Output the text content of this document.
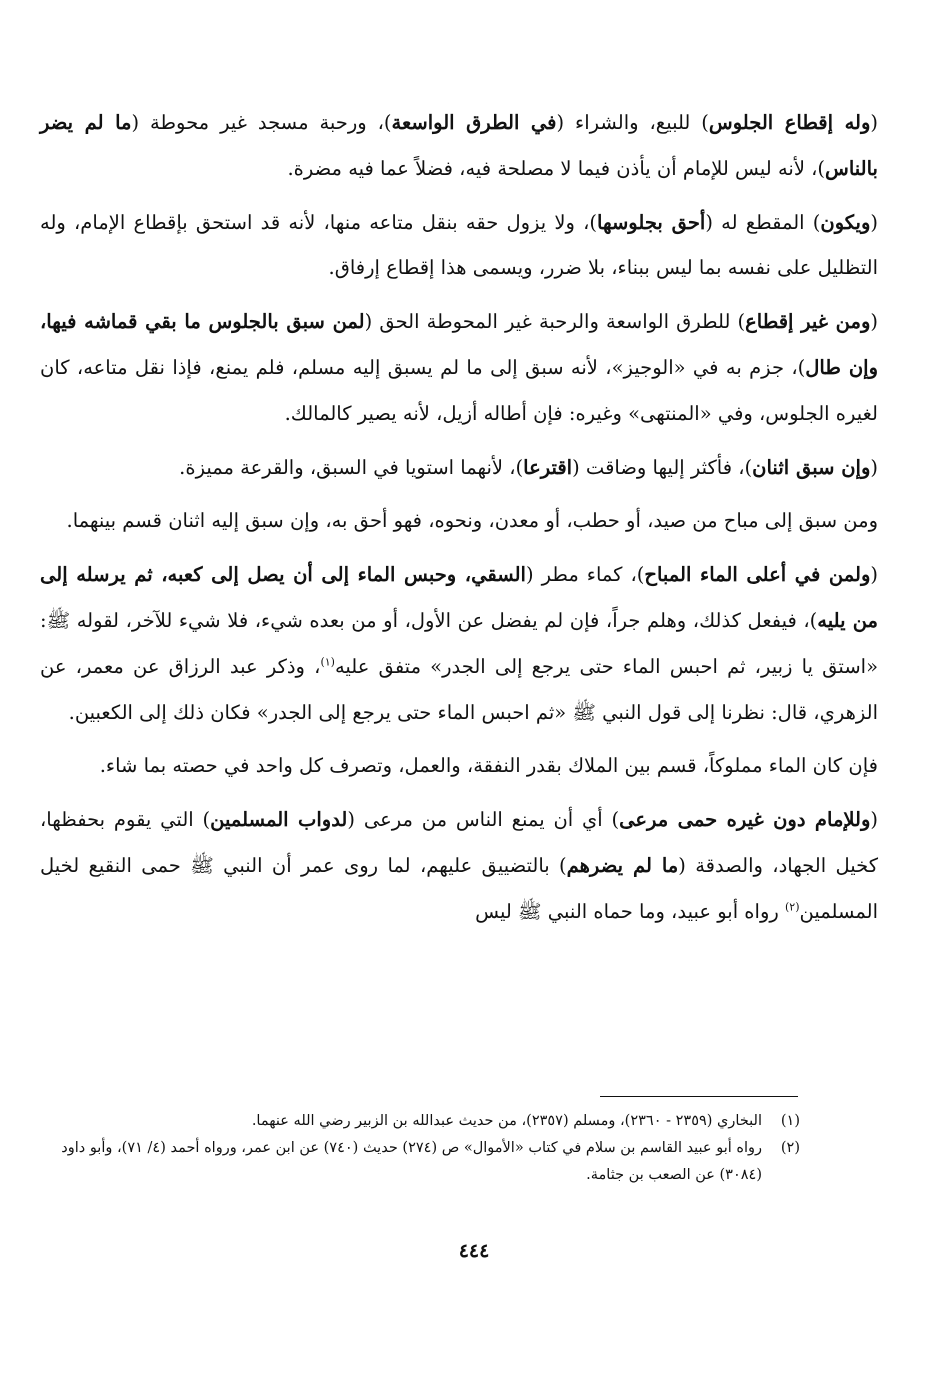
(وله إقطاع الجلوس) للبيع، والشراء (في الطرق الواسعة)، ورحبة مسجد غير محوطة (ما لم يضر بالناس)، لأنه ليس للإمام أن يأذن فيما لا مصلحة فيه، فضلاً عما فيه مضرة.

(ويكون) المقطع له (أحق بجلوسها)، ولا يزول حقه بنقل متاعه منها، لأنه قد استحق بإقطاع الإمام، وله التظليل على نفسه بما ليس ببناء، بلا ضرر، ويسمى هذا إقطاع إرفاق.

(ومن غير إقطاع) للطرق الواسعة والرحبة غير المحوطة الحق (لمن سبق بالجلوس ما بقي قماشه فيها، وإن طال)، جزم به في «الوجيز»، لأنه سبق إلى ما لم يسبق إليه مسلم، فلم يمنع، فإذا نقل متاعه، كان لغيره الجلوس، وفي «المنتهى» وغيره: فإن أطاله أزيل، لأنه يصير كالمالك.

(وإن سبق اثنان)، فأكثر إليها وضاقت (اقترعا)، لأنهما استويا في السبق، والقرعة مميزة.

ومن سبق إلى مباح من صيد، أو حطب، أو معدن، ونحوه، فهو أحق به، وإن سبق إليه اثنان قسم بينهما.

(ولمن في أعلى الماء المباح)، كماء مطر (السقي، وحبس الماء إلى أن يصل إلى كعبه، ثم يرسله إلى من يليه)، فيفعل كذلك، وهلم جراً، فإن لم يفضل عن الأول، أو من بعده شيء، فلا شيء للآخر، لقوله ﷺ: «استق يا زبير، ثم احبس الماء حتى يرجع إلى الجدر» متفق عليه$^{(١)}$، وذكر عبد الرزاق عن معمر، عن الزهري، قال: نظرنا إلى قول النبي ﷺ «ثم احبس الماء حتى يرجع إلى الجدر» فكان ذلك إلى الكعبين.

فإن كان الماء مملوكاً، قسم بين الملاك بقدر النفقة، والعمل، وتصرف كل واحد في حصته بما شاء.

(وللإمام دون غيره حمى مرعى) أي أن يمنع الناس من مرعى (لدواب المسلمين) التي يقوم بحفظها، كخيل الجهاد، والصدقة (ما لم يضرهم) بالتضييق عليهم، لما روى عمر أن النبي ﷺ حمى النقيع لخيل المسلمين$^{(٢)}$ رواه أبو عبيد، وما حماه النبي ﷺ ليس

(١)
البخاري (٢٣٥٩ - ٢٣٦٠)، ومسلم (٢٣٥٧)، من حديث عبدالله بن الزبير رضي الله عنهما.
(٢)
رواه أبو عبيد القاسم بن سلام في كتاب «الأموال» ص (٢٧٤) حديث (٧٤٠) عن ابن عمر، ورواه أحمد (٤/ ٧١)، وأبو داود (٣٠٨٤) عن الصعب بن جثامة.
٤٤٤
